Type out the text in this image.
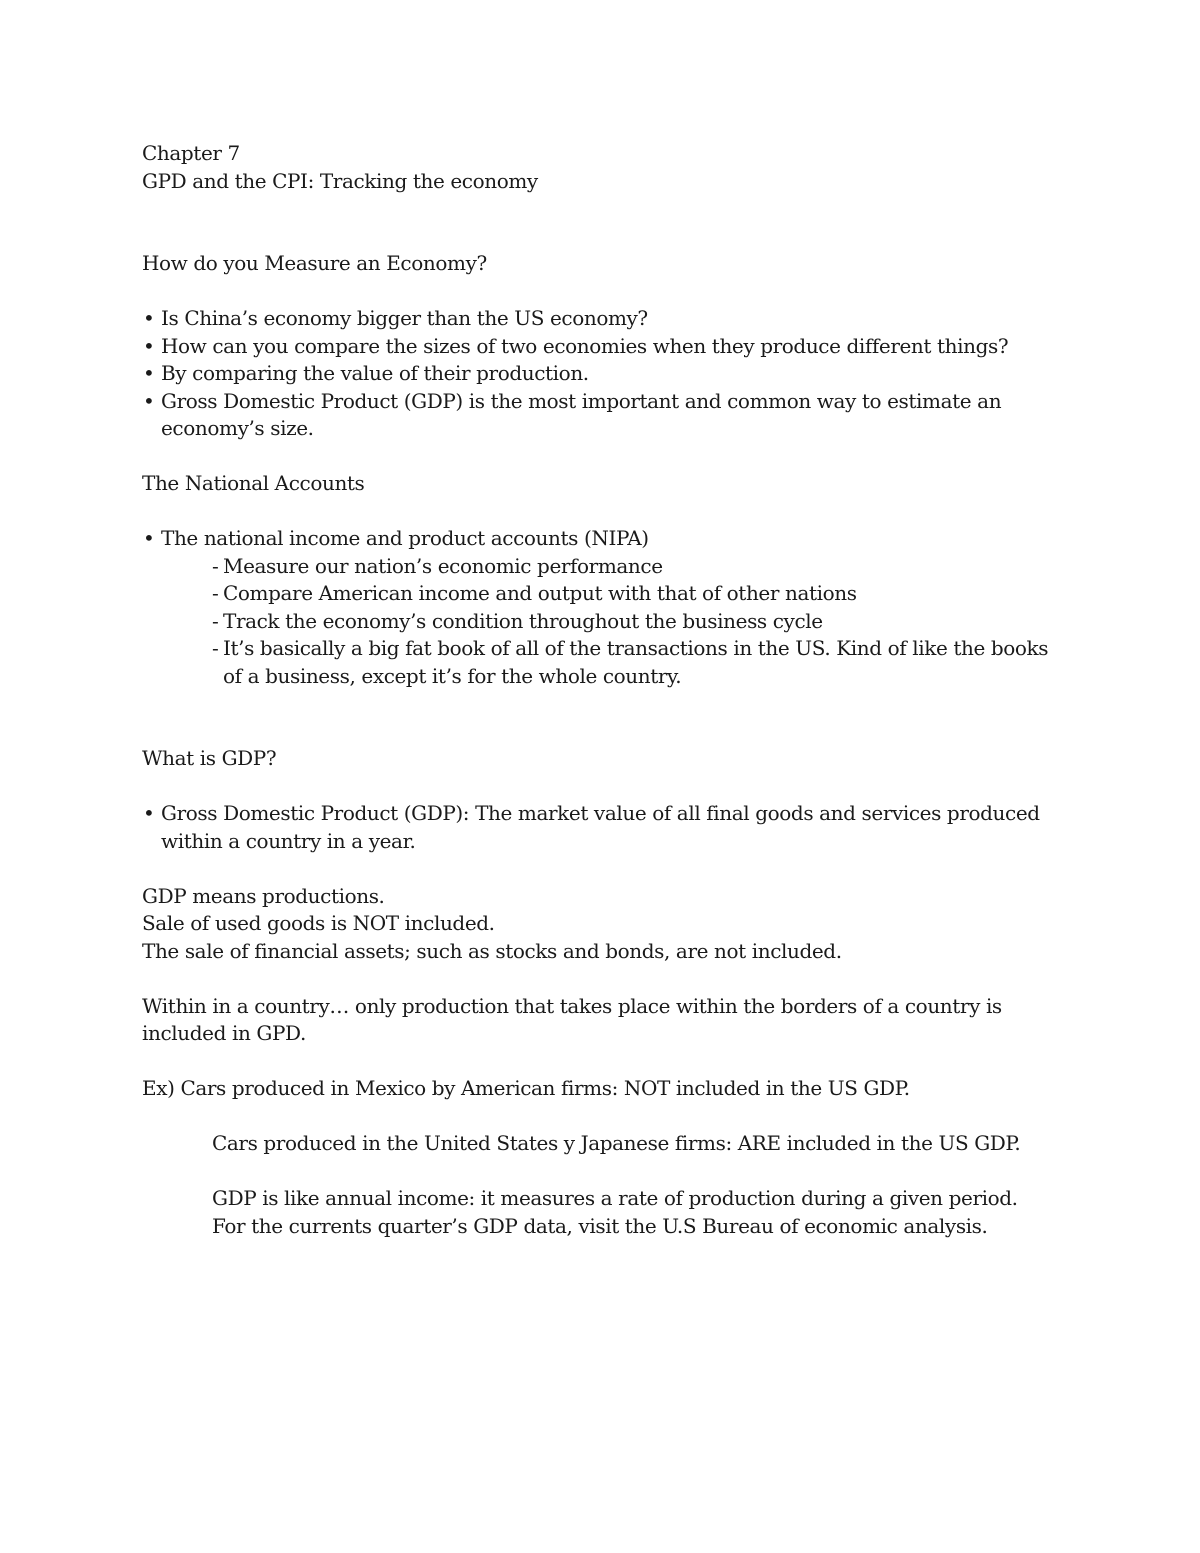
Chapter 7
GPD and the CPI: Tracking the economy
How do you Measure an Economy?
• Is China’s economy bigger than the US economy?
• How can you compare the sizes of two economies when they produce different things?
• By comparing the value of their production.
• Gross Domestic Product (GDP) is the most important and common way to estimate an economy’s size.
The National Accounts
• The national income and product accounts (NIPA)
- Measure our nation’s economic performance
- Compare American income and output with that of other nations
- Track the economy’s condition throughout the business cycle
- It’s basically a big fat book of all of the transactions in the US. Kind of like the books of a business, except it’s for the whole country.
What is GDP?
• Gross Domestic Product (GDP): The market value of all final goods and services produced within a country in a year.
GDP means productions.
Sale of used goods is NOT included.
The sale of financial assets; such as stocks and bonds, are not included.
Within in a country… only production that takes place within the borders of a country is included in GPD.
Ex) Cars produced in Mexico by American firms: NOT included in the US GDP.
Cars produced in the United States y Japanese firms: ARE included in the US GDP.
GDP is like annual income: it measures a rate of production during a given period.
For the currents quarter’s GDP data, visit the U.S Bureau of economic analysis.
